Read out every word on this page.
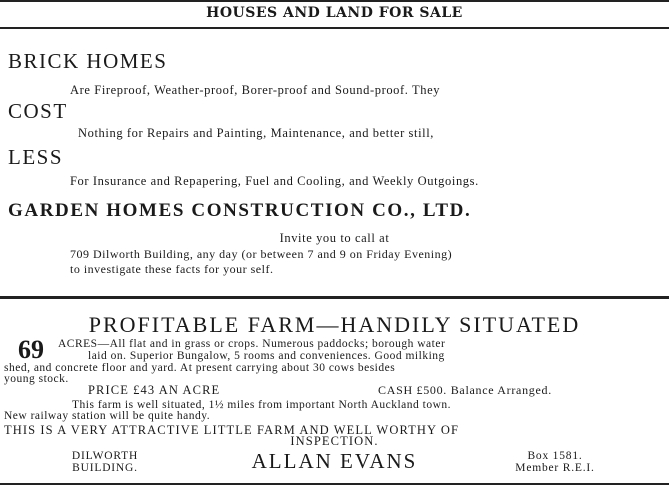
HOUSES AND LAND FOR SALE
BRICK HOMES
Are Fireproof, Weather-proof, Borer-proof and Sound-proof. They
COST
Nothing for Repairs and Painting, Maintenance, and better still,
LESS
For Insurance and Repapering, Fuel and Cooling, and Weekly Outgoings.
GARDEN HOMES CONSTRUCTION CO., LTD.
Invite you to call at
709 Dilworth Building, any day (or between 7 and 9 on Friday Evening)
to investigate these facts for your self.
PROFITABLE FARM—HANDILY SITUATED
69 ACRES—All flat and in grass or crops. Numerous paddocks; borough water
laid on. Superior Bungalow, 5 rooms and conveniences. Good milking
shed, and concrete floor and yard. At present carrying about 30 cows besides
young stock.
PRICE £43 AN ACRE	CASH £500. Balance Arranged.
This farm is well situated, 1½ miles from important North Auckland town.
New railway station will be quite handy.
THIS IS A VERY ATTRACTIVE LITTLE FARM AND WELL WORTHY OF
INSPECTION.
DILWORTH
BUILDING.	ALLAN EVANS	Box 1581.
Member R.E.I.
